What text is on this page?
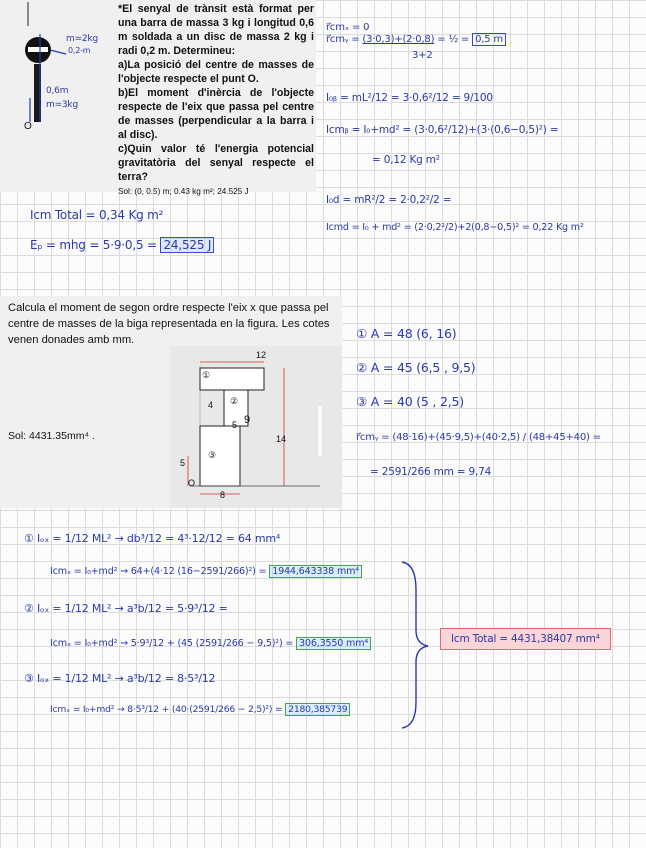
m=2kg
0,2-m
0,6m
m=3kg
O
*El senyal de trànsit està format per una barra de massa 3 kg i longitud 0,6 m soldada a un disc de massa 2 kg i radi 0,2 m. Determineu:
a)La posició del centre de masses de l'objecte respecte el punt O.
b)El moment d'inèrcia de l'objecte respecte de l'eix que passa pel centre de masses (perpendicular a la barra i al disc).
c)Quin valor té l'energia potencial gravitatòria del senyal respecte el terra?
Sol: (0, 0.5) m; 0.43 kg m²; 24.525 J
r⃗cmₓ = 0
r⃗cmᵧ = (3·0,3)+(2·0,8) = ½ = 0,5 m
3+2
I₀ᵦ = mL²/12 = 3·0,6²/12 = 9/100
Icmᵦ = I₀+md² = (3·0,6²/12)+(3·(0,6−0,5)²) =
= 0,12 Kg m²
I₀d = mR²/2 = 2·0,2²/2 =
Icmd = I₀ + md² = (2·0,2²/2)+2(0,8−0,5)² = 0,22 Kg m²
Icm Total = 0,34 Kg m²
Eₚ = mhg = 5·9·0,5 = 24,525 J
Calcula el moment de segon ordre respecte l'eix x que passa pel centre de masses de la biga representada en la figura. Les cotes venen donades amb mm.
Sol: 4431.35mm⁴ .
12
4
5 9
14
8
5
①
②
③
O
① A = 48 (6, 16)
② A = 45 (6,5 , 9,5)
③ A = 40 (5 , 2,5)
r⃗cmᵧ = (48·16)+(45·9,5)+(40·2,5) / (48+45+40) =
= 2591/266 mm = 9,74
① Iₒₓ = 1/12 ML² → db³/12 = 4³·12/12 = 64 mm⁴
Icmₓ = I₀+md² → 64+(4·12 (16−2591/266)²) = 1944,643338 mm⁴
② Iₒₓ = 1/12 ML² → a³b/12 = 5·9³/12 =
Icmₓ = I₀+md² → 5·9³/12 + (45 (2591/266 − 9,5)²) = 306,3550 mm⁴
③ Iₒₓ = 1/12 ML² → a³b/12 = 8·5³/12
Icmₓ = I₀+md² → 8·5³/12 + (40·(2591/266 − 2,5)²) = 2180,385739
Icm Total = 4431,38407 mm⁴
